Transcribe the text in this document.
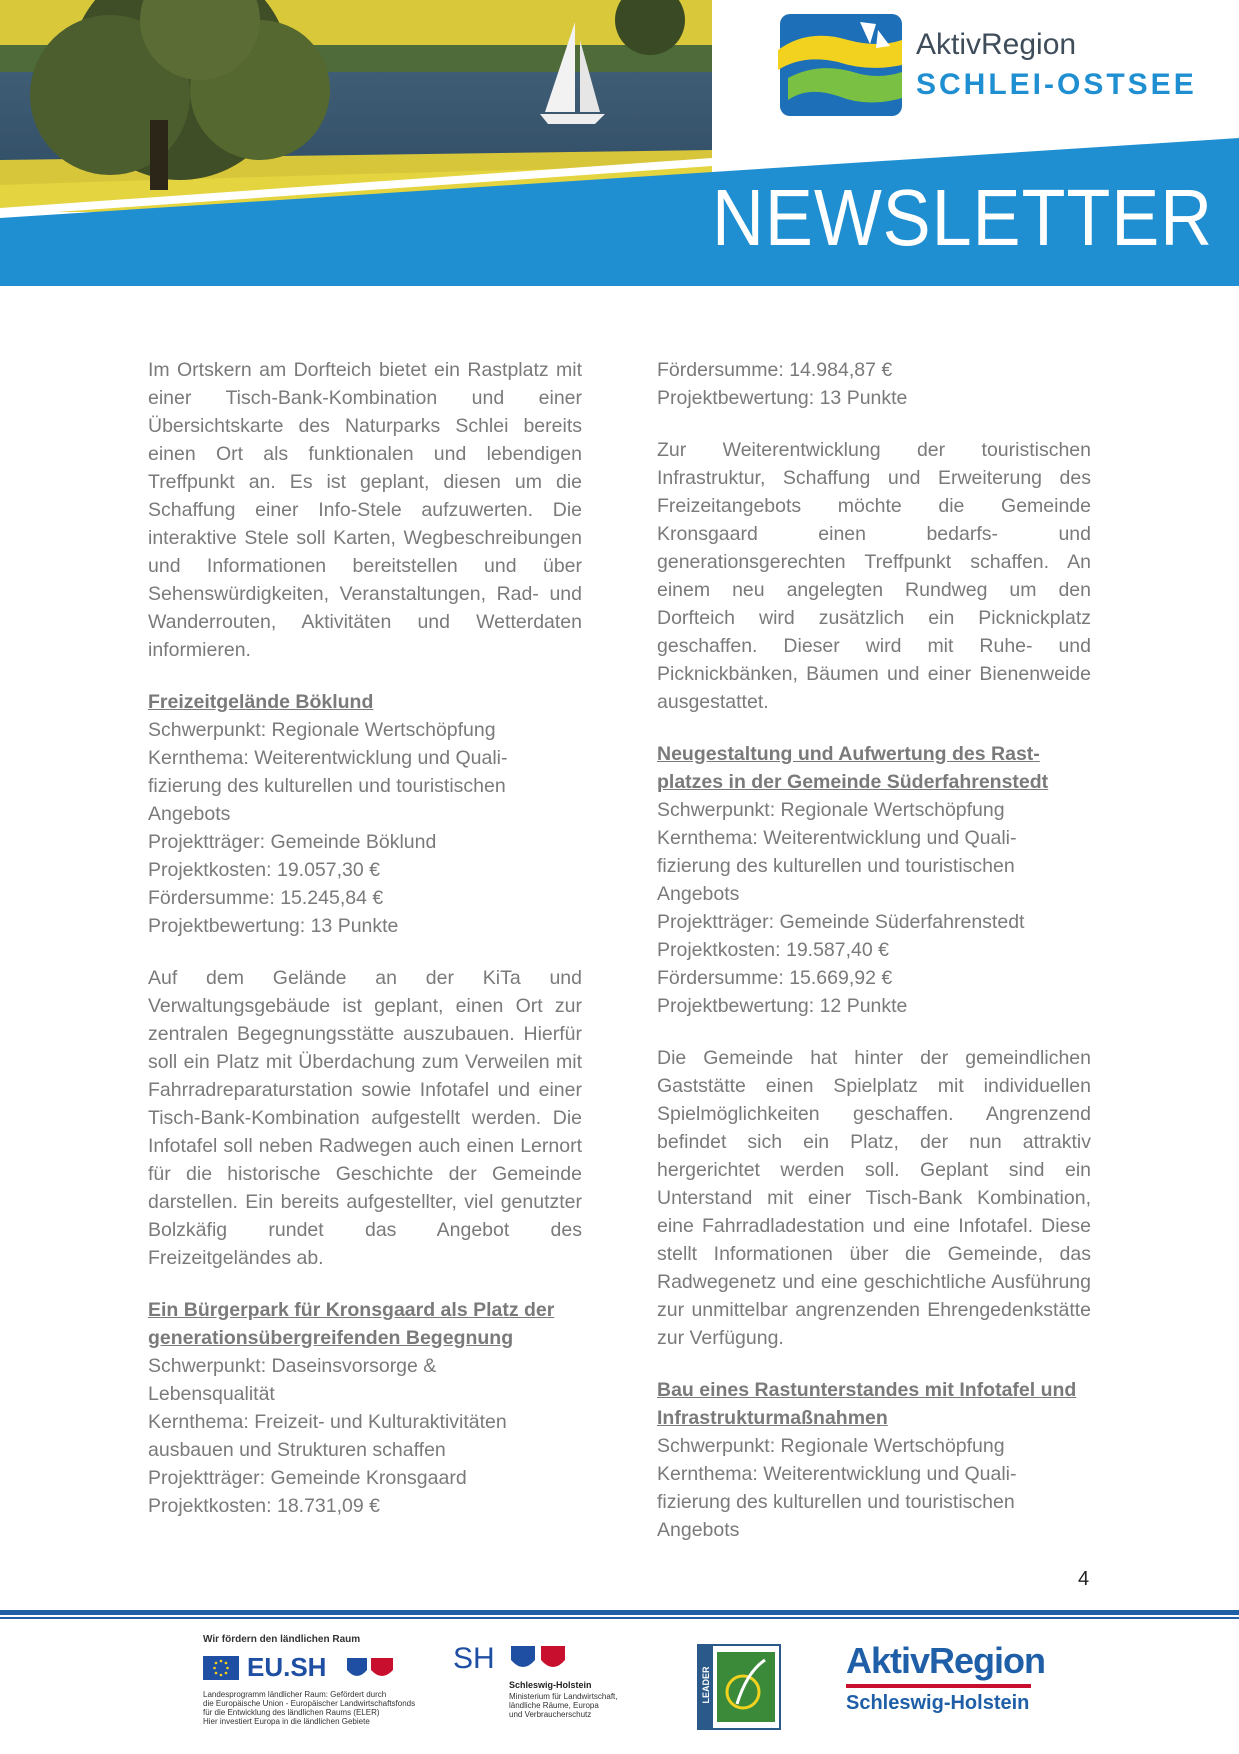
AktivRegion
SCHLEI-OSTSEE
NEWSLETTER

Im Ortskern am Dorfteich bietet ein Rastplatz mit einer Tisch-Bank-Kombination und einer Übersichtskarte des Naturparks Schlei bereits einen Ort als funktionalen und lebendigen Treffpunkt an. Es ist geplant, diesen um die Schaffung einer Info-Stele aufzuwerten. Die interaktive Stele soll Karten, Wegbeschreibungen und Informationen bereitstellen und über Sehenswürdigkeiten, Veranstaltungen, Rad- und Wanderrouten, Aktivitäten und Wetterdaten informieren.

Freizeitgelände Böklund
Schwerpunkt: Regionale Wertschöpfung
Kernthema: Weiterentwicklung und Quali-
fizierung des kulturellen und touristischen
Angebots
Projektträger: Gemeinde Böklund
Projektkosten: 19.057,30 €
Fördersumme: 15.245,84 €
Projektbewertung: 13 Punkte

Auf dem Gelände an der KiTa und Verwaltungsgebäude ist geplant, einen Ort zur zentralen Begegnungsstätte auszubauen. Hierfür soll ein Platz mit Überdachung zum Verweilen mit Fahrradreparaturstation sowie Infotafel und einer Tisch-Bank-Kombination aufgestellt werden. Die Infotafel soll neben Radwegen auch einen Lernort für die historische Geschichte der Gemeinde darstellen. Ein bereits aufgestellter, viel genutzter Bolzkäfig rundet das Angebot des Freizeitgeländes ab.

Ein Bürgerpark für Kronsgaard als Platz der
generationsübergreifenden Begegnung
Schwerpunkt: Daseinsvorsorge &
Lebensqualität
Kernthema: Freizeit- und Kulturaktivitäten
ausbauen und Strukturen schaffen
Projektträger: Gemeinde Kronsgaard
Projektkosten: 18.731,09 €
Fördersumme: 14.984,87 €
Projektbewertung: 13 Punkte

Zur Weiterentwicklung der touristischen Infrastruktur, Schaffung und Erweiterung des Freizeitangebots möchte die Gemeinde Kronsgaard einen bedarfs- und generationsgerechten Treffpunkt schaffen. An einem neu angelegten Rundweg um den Dorfteich wird zusätzlich ein Picknickplatz geschaffen. Dieser wird mit Ruhe- und Picknickbänken, Bäumen und einer Bienenweide ausgestattet.

Neugestaltung und Aufwertung des Rast-
platzes in der Gemeinde Süderfahrenstedt
Schwerpunkt: Regionale Wertschöpfung
Kernthema: Weiterentwicklung und Quali-
fizierung des kulturellen und touristischen
Angebots
Projektträger: Gemeinde Süderfahrenstedt
Projektkosten: 19.587,40 €
Fördersumme: 15.669,92 €
Projektbewertung: 12 Punkte

Die Gemeinde hat hinter der gemeindlichen Gaststätte einen Spielplatz mit individuellen Spielmöglichkeiten geschaffen. Angrenzend befindet sich ein Platz, der nun attraktiv hergerichtet werden soll. Geplant sind ein Unterstand mit einer Tisch-Bank Kombination, eine Fahrradladestation und eine Infotafel. Diese stellt Informationen über die Gemeinde, das Radwegenetz und eine geschichtliche Ausführung zur unmittelbar angrenzenden Ehrengedenkstätte zur Verfügung.

Bau eines Rastunterstandes mit Infotafel und
Infrastrukturmaßnahmen
Schwerpunkt: Regionale Wertschöpfung
Kernthema: Weiterentwicklung und Quali-
fizierung des kulturellen und touristischen
Angebots
4
Wir fördern den ländlichen Raum
EU.SH
Landesprogramm ländlicher Raum: Gefördert durch
die Europäische Union - Europäischer Landwirtschaftsfonds
für die Entwicklung des ländlichen Raums (ELER)
Hier investiert Europa in die ländlichen Gebiete
SH
Schleswig-Holstein
Ministerium für Landwirtschaft,
ländliche Räume, Europa
und Verbraucherschutz
LEADER
AktivRegion
Schleswig-Holstein
